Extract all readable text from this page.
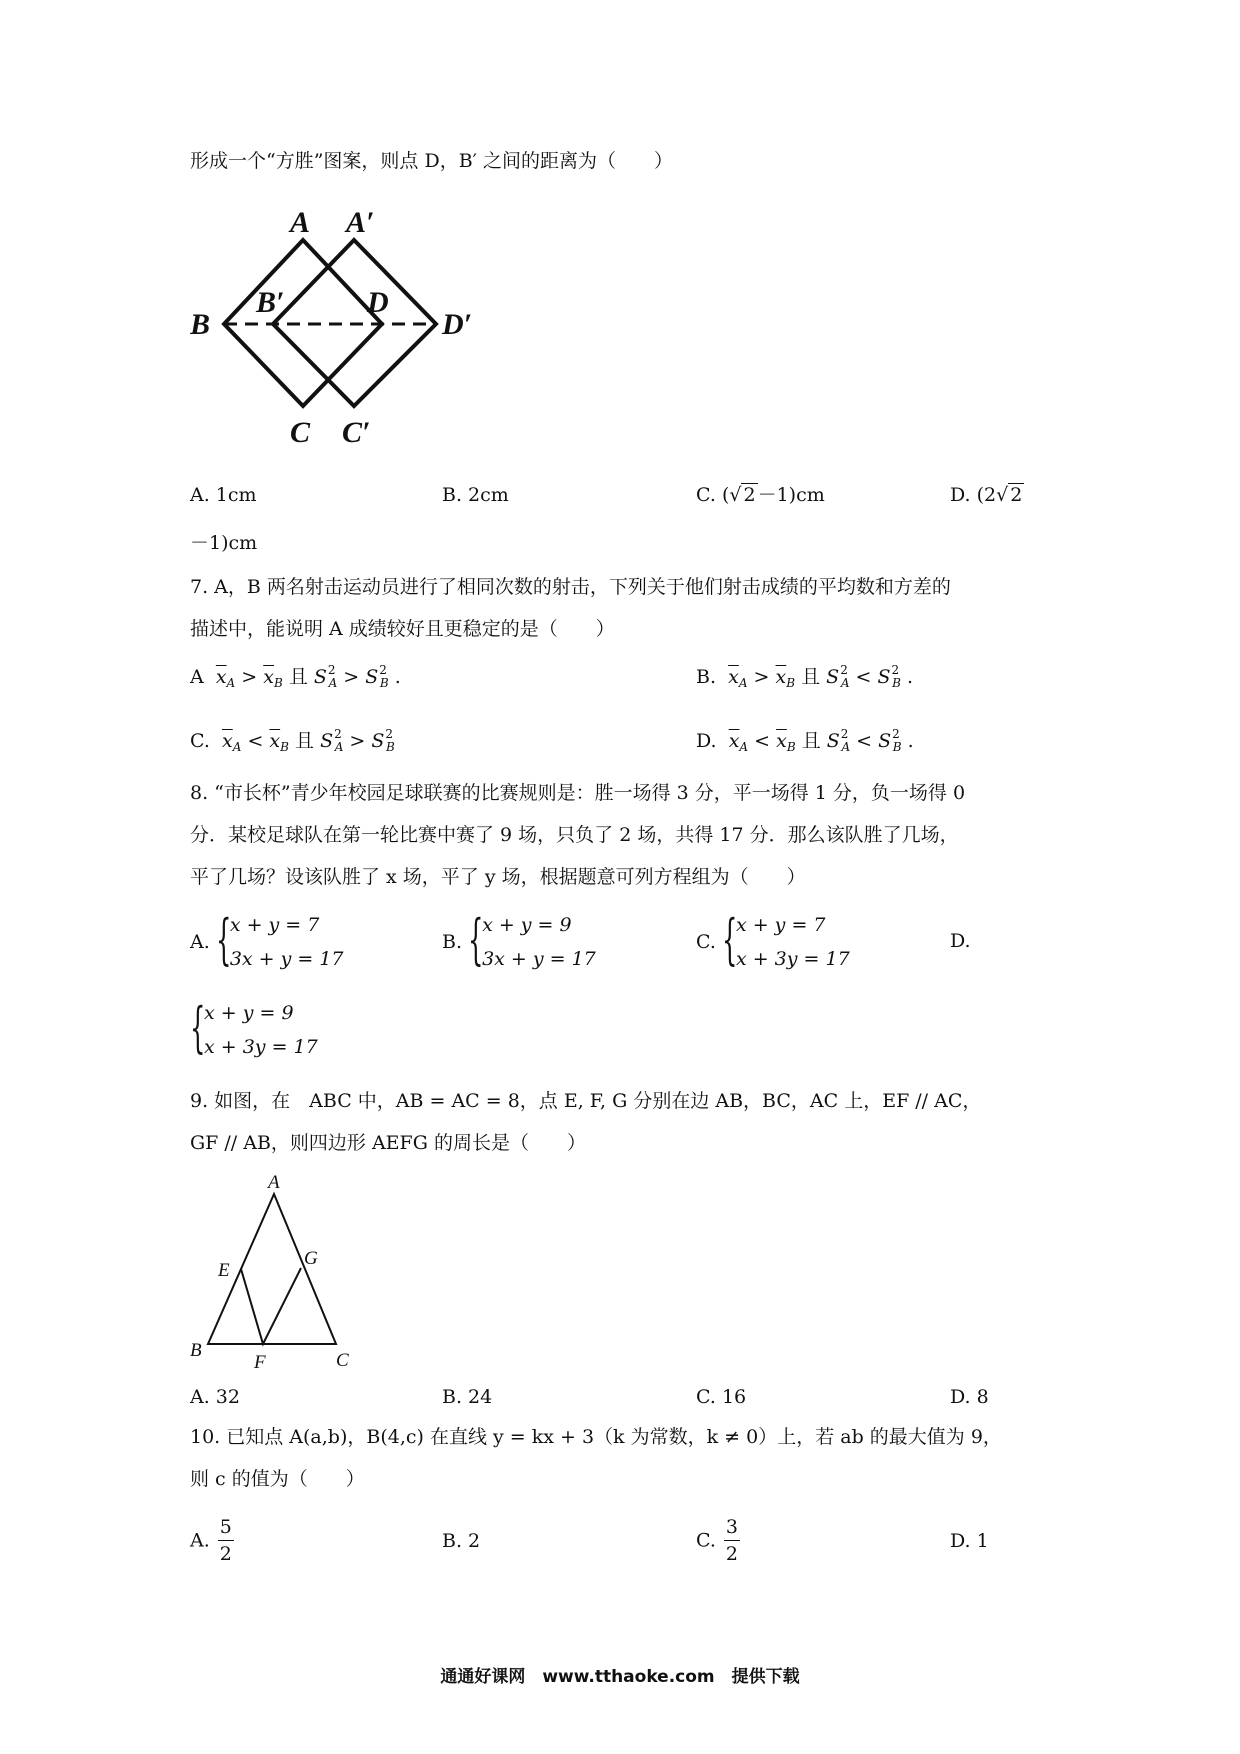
形成一个“方胜”图案，则点 D，B′ 之间的距离为（　　）
A A′
B
B′	D
D′
C C′
A. 1cm	B. 2cm	C. (√ 2 －1)cm	D. (2√ 2
－1)cm
7. A，B 两名射击运动员进行了相同次数的射击，下列关于他们射击成绩的平均数和方差的
描述中，能说明 A 成绩较好且更稳定的是（　　）
A $\overline{x}_A > \overline{x}_B$ 且 $S^2_A > S^2_B$ .	B. $\overline{x}_A > \overline{x}_B$ 且 $S^2_A < S^2_B$ .
C. $\overline{x}_A < \overline{x}_B$ 且 $S^2_A > S^2_B$	D. $\overline{x}_A < \overline{x}_B$ 且 $S^2_A < S^2_B$ .
8. “市长杯”青少年校园足球联赛的比赛规则是：胜一场得 3 分，平一场得 1 分，负一场得 0
分．某校足球队在第一轮比赛中赛了 9 场，只负了 2 场，共得 17 分．那么该队胜了几场，
平了几场？设该队胜了 x 场，平了 y 场，根据题意可列方程组为（　　）
A.
{ x + y = 7
3x + y = 17
B.
{ x + y = 9
3x + y = 17
C.
{ x + y = 7
x + 3y = 17
D.
{ x + y = 9
x + 3y = 17
9. 如图，在　ABC 中，AB = AC = 8，点 E, F, G 分别在边 AB，BC，AC 上，EF // AC，
GF // AB，则四边形 AEFG 的周长是（　　）
A
B	C
E
F
G
A. 32	B. 24	C. 16	D. 8
10. 已知点 A(a,b)，B(4,c) 在直线 y = kx + 3（k 为常数，k ≠ 0）上，若 ab 的最大值为 9，
则 c 的值为（　　）
A. $\frac{5}{2}$	B. 2	C. $\frac{3}{2}$	D. 1
通通好课网　www.tthaoke.com　提供下载
